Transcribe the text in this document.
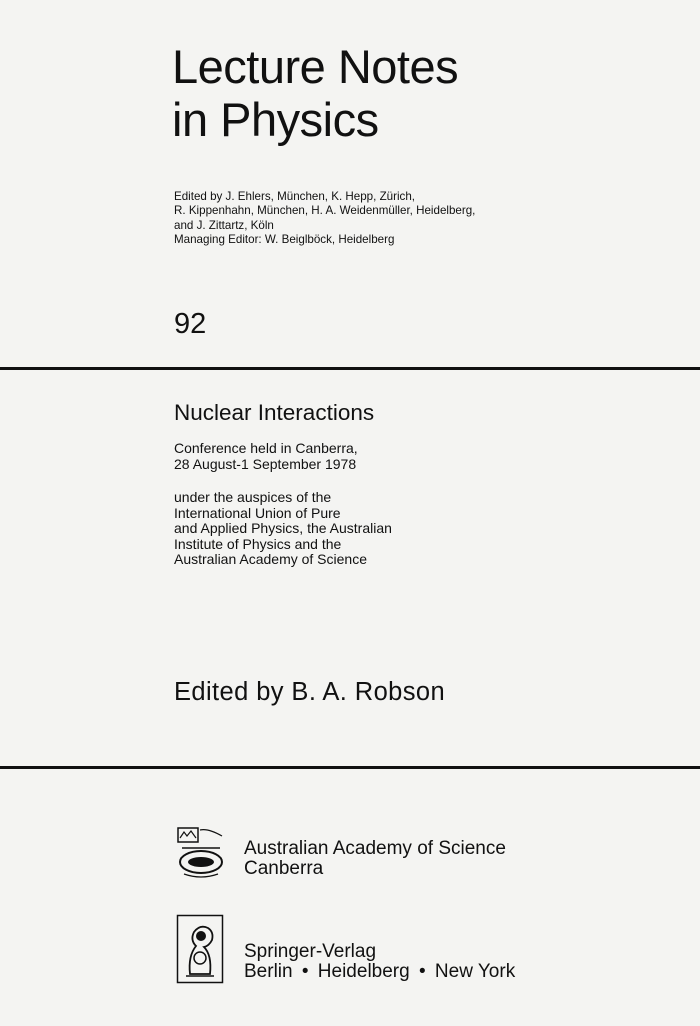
Lecture Notes
in Physics
Edited by J. Ehlers, München, K. Hepp, Zürich,
R. Kippenhahn, München, H. A. Weidenmüller, Heidelberg,
and J. Zittartz, Köln
Managing Editor: W. Beiglböck, Heidelberg
92
Nuclear Interactions
Conference held in Canberra,
28 August-1 September 1978
under the auspices of the
International Union of Pure
and Applied Physics, the Australian
Institute of Physics and the
Australian Academy of Science
Edited by B. A. Robson
Australian Academy of Science
Canberra
Springer-Verlag
Berlin • Heidelberg • New York
